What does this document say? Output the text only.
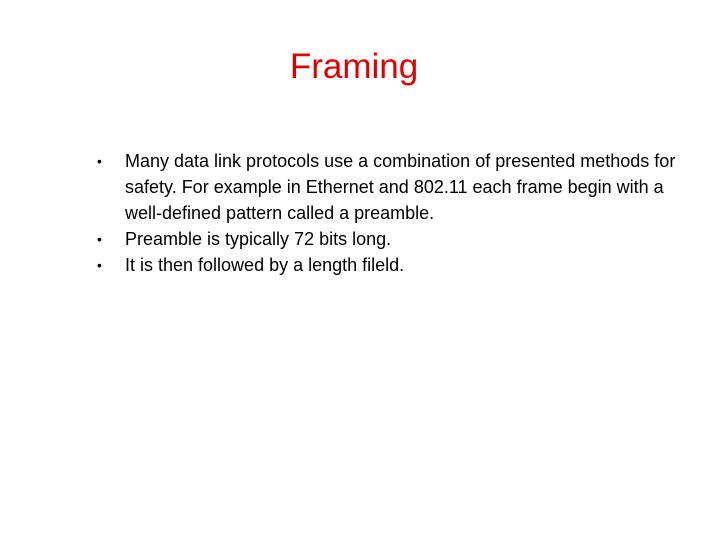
Framing
• Many data link protocols use a combination of presented methods for safety. For example in Ethernet and 802.11 each frame begin with a well-defined pattern called a preamble.
• Preamble is typically 72 bits long.
• It is then followed by a length fileld.
